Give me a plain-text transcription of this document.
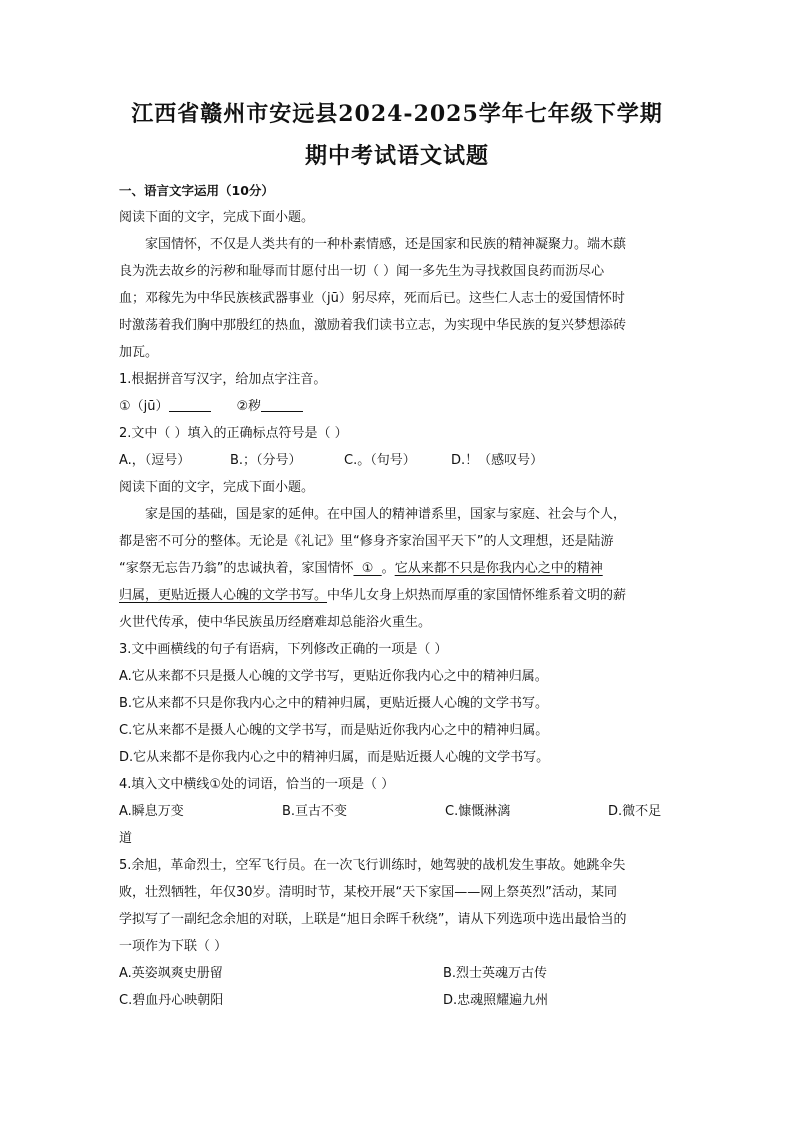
江西省赣州市安远县2024-2025学年七年级下学期
期中考试语文试题
一、语言文字运用（10分）
阅读下面的文字，完成下面小题。
家国情怀，不仅是人类共有的一种朴素情感，还是国家和民族的精神凝聚力。端木蕻
良为洗去故乡的污秽和耻辱而甘愿付出一切（ ）闻一多先生为寻找救国良药而沥尽心
血；邓稼先为中华民族核武器事业（jū）躬尽瘁，死而后已。这些仁人志士的爱国情怀时
时激荡着我们胸中那殷红的热血，激励着我们读书立志，为实现中华民族的复兴梦想添砖
加瓦。
1.根据拼音写汉字，给加点字注音。
①（jū）	②秽
2.文中（ ）填入的正确标点符号是（ ）
A.，（逗号）	B.；（分号）	C.。（句号）	D.！（感叹号）
阅读下面的文字，完成下面小题。
家是国的基础，国是家的延伸。在中国人的精神谱系里，国家与家庭、社会与个人，
都是密不可分的整体。无论是《礼记》里“修身齐家治国平天下”的人文理想，还是陆游
“家祭无忘告乃翁”的忠诚执着，家国情怀  ①  。它从来都不只是你我内心之中的精神
归属，更贴近摄人心魄的文学书写。中华儿女身上炽热而厚重的家国情怀维系着文明的薪
火世代传承，使中华民族虽历经磨难却总能浴火重生。
3.文中画横线的句子有语病，下列修改正确的一项是（ ）
A.它从来都不只是摄人心魄的文学书写，更贴近你我内心之中的精神归属。
B.它从来都不只是你我内心之中的精神归属，更贴近摄人心魄的文学书写。
C.它从来都不是摄人心魄的文学书写，而是贴近你我内心之中的精神归属。
D.它从来都不是你我内心之中的精神归属，而是贴近摄人心魄的文学书写。
4.填入文中横线①处的词语，恰当的一项是（ ）
A.瞬息万变	B.亘古不变	C.慷慨淋漓	D.微不足
道
5.余旭，革命烈士，空军飞行员。在一次飞行训练时，她驾驶的战机发生事故。她跳伞失
败，壮烈牺牲，年仅30岁。清明时节，某校开展“天下家国——网上祭英烈”活动，某同
学拟写了一副纪念余旭的对联，上联是“旭日余晖千秋绕”，请从下列选项中选出最恰当的
一项作为下联（ ）
A.英姿飒爽史册留	B.烈士英魂万古传
C.碧血丹心映朝阳	D.忠魂照耀遍九州
